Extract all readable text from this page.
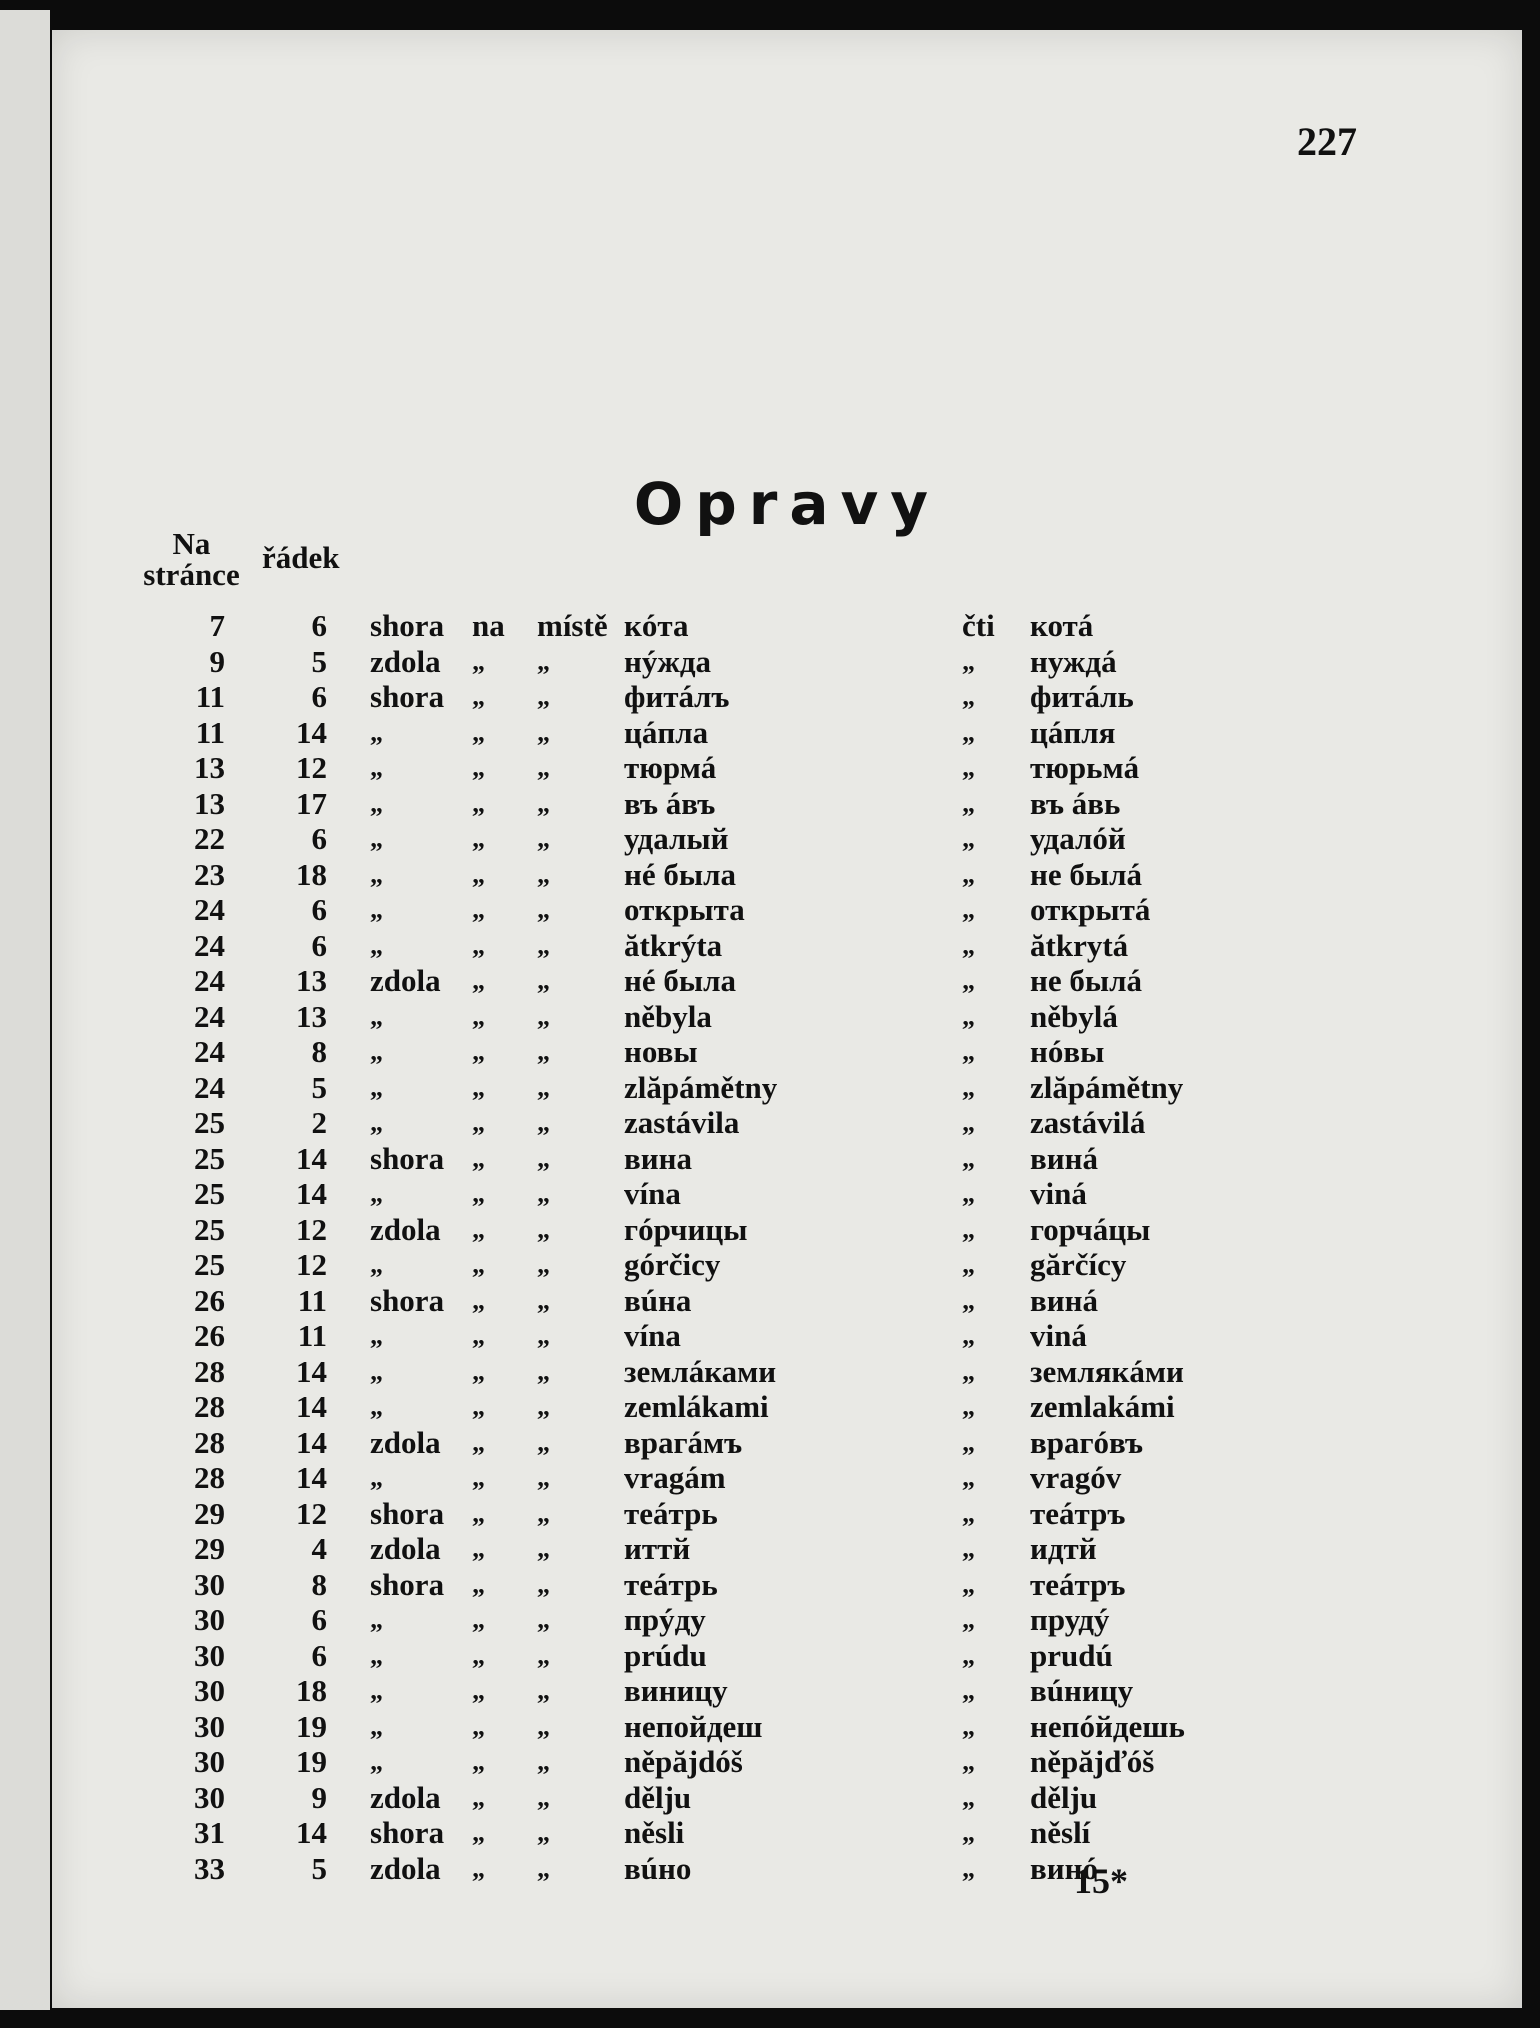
227
Opravy
Na
stránce řádek
7	6 shora na místě кóта	čti котá
9	5 zdola „ „ нýжда	„ нуждá
11	6 shora „ „ фитáлъ	„ фитáль
11	14 „	„ „ цáпла	„ цáпля
13	12 „	„ „ тюрмá	„ тюрьмá
13	17 „	„ „ въ áвъ	„ въ áвь
22	6 „	„ „ удалый	„ удалóй
23	18 „	„ „ нé была	„ не былá
24	6 „	„ „ открыта	„ открытá
24	6 „	„ „ ătkrýta	„ ătkrytá
24	13 zdola „ „ нé была	„ не былá
24	13 „	„ „ něbyla	„ něbylá
24	8 „	„ „ новы	„ нóвы
24	5 „	„ „ zlăpámětny	„ zlăpámětny
25	2 „	„ „ zastávila	„ zastávilá
25	14 shora „ „ вина	„ винá
25	14 „	„ „ vína	„ viná
25	12 zdola „ „ гóрчицы	„ горчáцы
25	12 „	„ „ górčicy	„ gărčícy
26	11 shora „ „ вúна	„ винá
26	11 „	„ „ vína	„ viná
28	14 „	„ „ землáками	„ землякáми
28	14 „	„ „ zemlákami	„ zemlakámi
28	14 zdola „ „ врагáмъ	„ врагóвъ
28	14 „	„ „ vragám	„ vragóv
29	12 shora „ „ теáтрь	„ теáтръ
29	4 zdola „ „ иттй	„ идтй
30	8 shora „ „ теáтрь	„ теáтръ
30	6 „	„ „ прýду	„ прудý
30	6 „	„ „ prúdu	„ prudú
30	18 „	„ „ виницу	„ вúницу
30	19 „	„ „ непойдеш	„ непóйдешь
30	19 „	„ „ něpăjdóš	„ něpăjďóš
30	9 zdola „ „ dělju	„ dělju
31	14 shora „ „ něsli	„ něslí
33	5 zdola „ „ вúно	„ винó
15*
